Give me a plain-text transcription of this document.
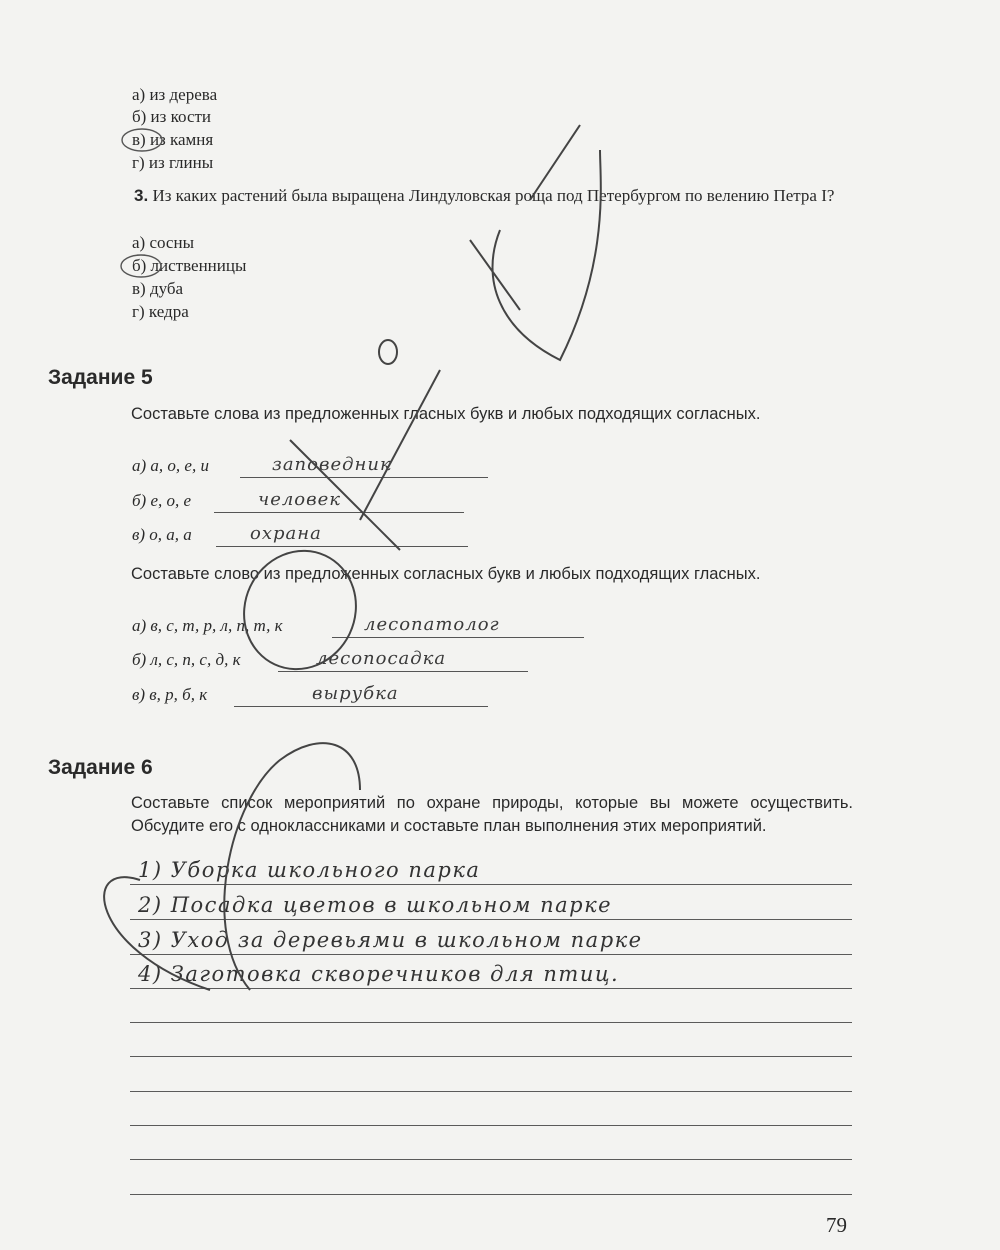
а) из дерева
б) из кости
в) из камня
г) из глины
3. Из каких растений была выращена Линдуловская роща под Петербургом по велению Петра I?
а) сосны
б) лиственницы
в) дуба
г) кедра
Задание 5
Составьте слова из предложенных гласных букв и любых подходящих согласных.
а) а, о, е, и	заповедник
б) е, о, е	человек
в) о, а, а	охрана
Составьте слово из предложенных согласных букв и любых подходящих гласных.
а) в, с, т, р, л, п, т, к	лесопатолог
б) л, с, п, с, д, к	лесопосадка
в) в, р, б, к	вырубка
Задание 6
Составьте список мероприятий по охране природы, которые вы можете осуществить. Обсудите его с одноклассниками и составьте план выполнения этих мероприятий.
1) Уборка школьного парка
2) Посадка цветов в школьном парке
3) Уход за деревьями в школьном парке
4) Заготовка скворечников для птиц.
79
